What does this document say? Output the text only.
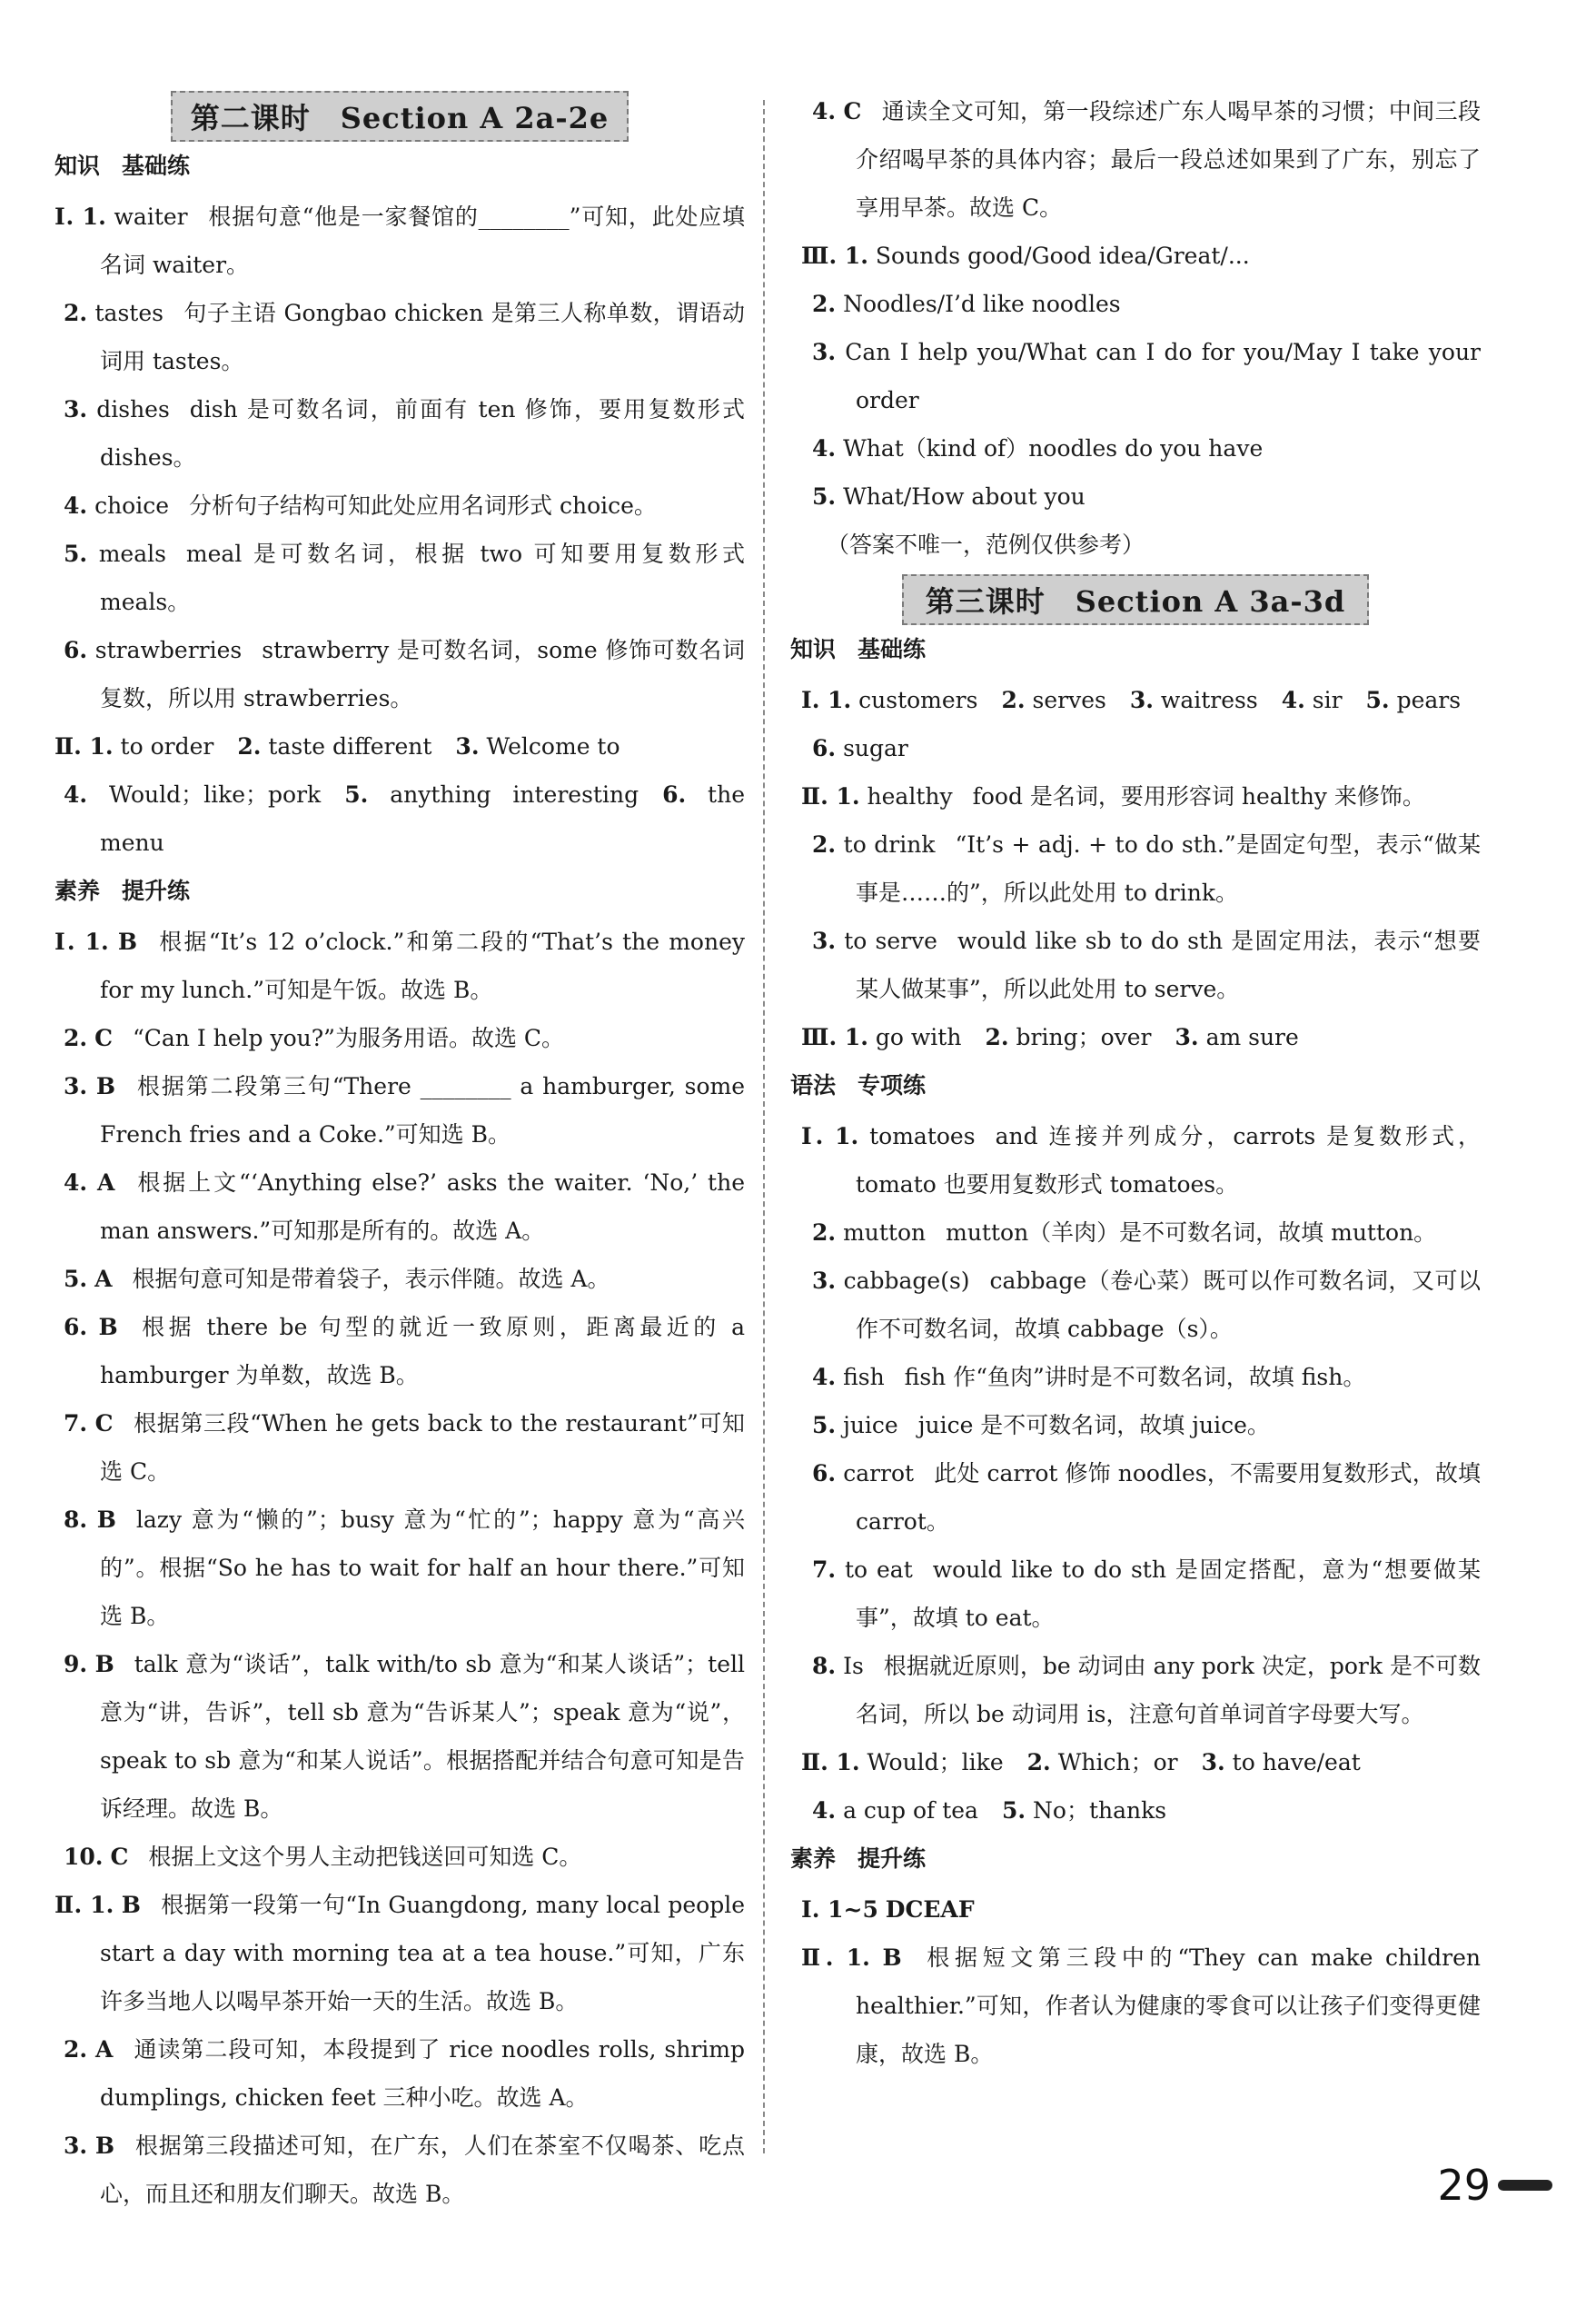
第二课时　Section A 2a-2e
知识 基础练
Ⅰ. 1. waiter 根据句意“他是一家餐馆的________”可知，此处应填名词 waiter。
2. tastes 句子主语 Gongbao chicken 是第三人称单数，谓语动词用 tastes。
3. dishes dish 是可数名词，前面有 ten 修饰，要用复数形式 dishes。
4. choice 分析句子结构可知此处应用名词形式 choice。
5. meals meal 是可数名词，根据 two 可知要用复数形式 meals。
6. strawberries strawberry 是可数名词，some 修饰可数名词复数，所以用 strawberries。
Ⅱ. 1. to order 2. taste different 3. Welcome to
4. Would；like；pork 5. anything interesting 6. the menu
素养 提升练
Ⅰ. 1. B 根据“It’s 12 o’clock.”和第二段的“That’s the money for my lunch.”可知是午饭。故选 B。
2. C “Can I help you?”为服务用语。故选 C。
3. B 根据第二段第三句“There ________ a hamburger, some French fries and a Coke.”可知选 B。
4. A 根据上文“‘Anything else?’ asks the waiter. ‘No,’ the man answers.”可知那是所有的。故选 A。
5. A 根据句意可知是带着袋子，表示伴随。故选 A。
6. B 根据 there be 句型的就近一致原则，距离最近的 a hamburger 为单数，故选 B。
7. C 根据第三段“When he gets back to the restaurant”可知选 C。
8. B lazy 意为“懒的”；busy 意为“忙的”；happy 意为“高兴的”。根据“So he has to wait for half an hour there.”可知选 B。
9. B talk 意为“谈话”，talk with/to sb 意为“和某人谈话”；tell 意为“讲，告诉”，tell sb 意为“告诉某人”；speak 意为“说”，speak to sb 意为“和某人说话”。根据搭配并结合句意可知是告诉经理。故选 B。
10. C 根据上文这个男人主动把钱送回可知选 C。
Ⅱ. 1. B 根据第一段第一句“In Guangdong, many local people start a day with morning tea at a tea house.”可知，广东许多当地人以喝早茶开始一天的生活。故选 B。
2. A 通读第二段可知，本段提到了 rice noodles rolls, shrimp dumplings, chicken feet 三种小吃。故选 A。
3. B 根据第三段描述可知，在广东，人们在茶室不仅喝茶、吃点心，而且还和朋友们聊天。故选 B。
4. C 通读全文可知，第一段综述广东人喝早茶的习惯；中间三段介绍喝早茶的具体内容；最后一段总述如果到了广东，别忘了享用早茶。故选 C。
Ⅲ. 1. Sounds good/Good idea/Great/...
2. Noodles/I’d like noodles
3. Can I help you/What can I do for you/May I take your order
4. What（kind of）noodles do you have
5. What/How about you
（答案不唯一，范例仅供参考）
第三课时　Section A 3a-3d
知识 基础练
Ⅰ. 1. customers 2. serves 3. waitress 4. sir 5. pears
6. sugar
Ⅱ. 1. healthy food 是名词，要用形容词 healthy 来修饰。
2. to drink “It’s + adj. + to do sth.”是固定句型，表示“做某事是……的”，所以此处用 to drink。
3. to serve would like sb to do sth 是固定用法，表示“想要某人做某事”，所以此处用 to serve。
Ⅲ. 1. go with 2. bring；over 3. am sure
语法 专项练
Ⅰ. 1. tomatoes and 连接并列成分，carrots 是复数形式，tomato 也要用复数形式 tomatoes。
2. mutton mutton（羊肉）是不可数名词，故填 mutton。
3. cabbage(s) cabbage（卷心菜）既可以作可数名词，又可以作不可数名词，故填 cabbage（s）。
4. fish fish 作“鱼肉”讲时是不可数名词，故填 fish。
5. juice juice 是不可数名词，故填 juice。
6. carrot 此处 carrot 修饰 noodles，不需要用复数形式，故填 carrot。
7. to eat would like to do sth 是固定搭配，意为“想要做某事”，故填 to eat。
8. Is 根据就近原则，be 动词由 any pork 决定，pork 是不可数名词，所以 be 动词用 is，注意句首单词首字母要大写。
Ⅱ. 1. Would；like 2. Which；or 3. to have/eat
4. a cup of tea 5. No；thanks
素养 提升练
Ⅰ. 1~5 DCEAF
Ⅱ. 1. B 根据短文第三段中的“They can make children healthier.”可知，作者认为健康的零食可以让孩子们变得更健康，故选 B。
29
